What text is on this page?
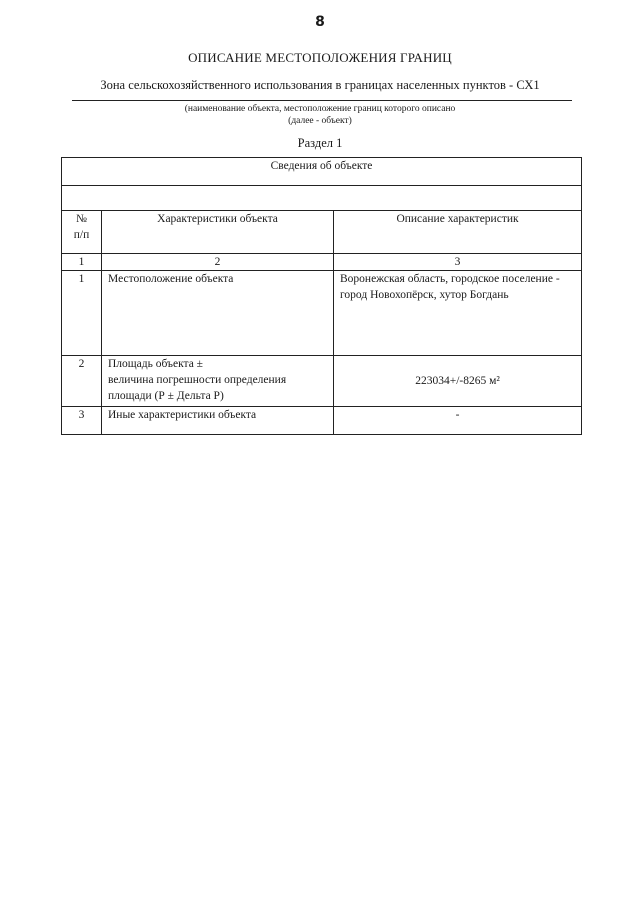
8
ОПИСАНИЕ МЕСТОПОЛОЖЕНИЯ ГРАНИЦ
Зона сельскохозяйственного использования в границах населенных пунктов - СХ1
(наименование объекта, местоположение границ которого описано
(далее - объект)
Раздел 1
Сведения об объекте		

№
п/п	Характеристики объекта	Описание характеристик
1	2	3
1	Местоположение объекта	Воронежская область, городское поселение - город Новохопёрск, хутор Богдань
2	Площадь объекта ±
величина погрешности определения площади (Р ± Дельта Р)	223034+/-8265 м²
3	Иные характеристики объекта	-
